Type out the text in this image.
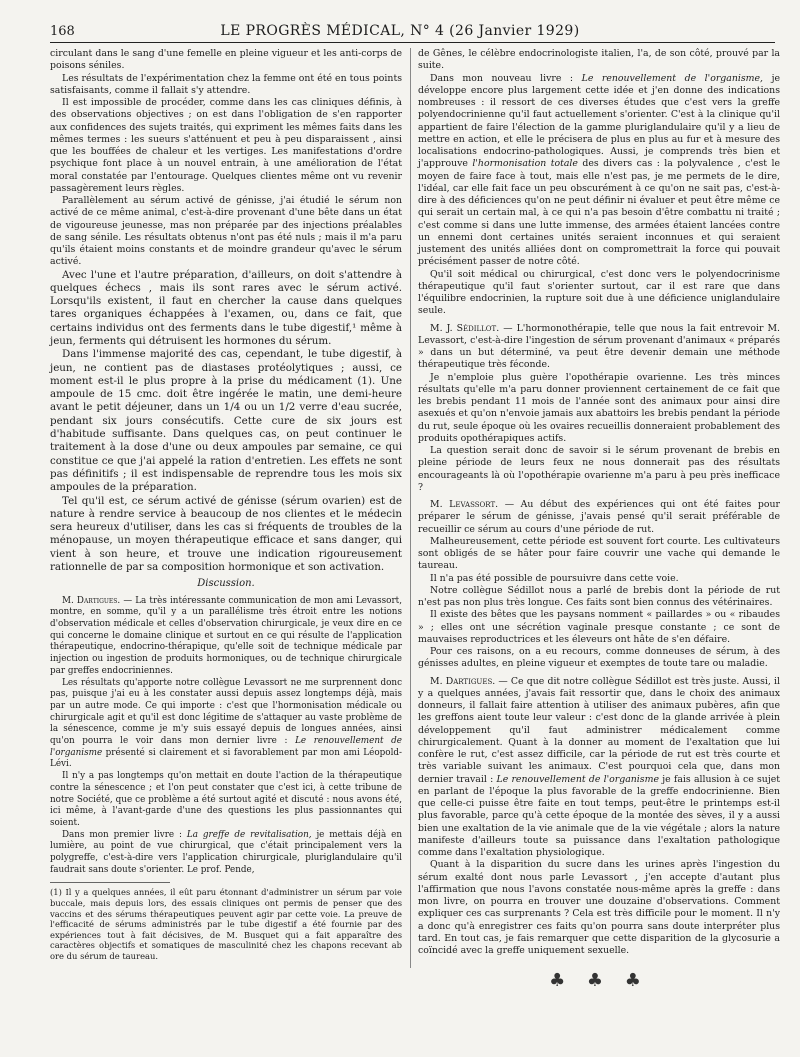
168	LE PROGRÈS MÉDICAL, N° 4 (26 Janvier 1929)

circulant dans le sang d'une femelle en pleine vigueur et les anti-corps de poisons séniles.

Les résultats de l'expérimentation chez la femme ont été en tous points satisfaisants, comme il fallait s'y attendre.

Il est impossible de procéder, comme dans les cas cliniques définis, à des observations objectives ; on est dans l'obligation de s'en rapporter aux confidences des sujets traités, qui expriment les mêmes faits dans les mêmes termes : les sueurs s'atténuent et peu à peu disparaissent , ainsi que les bouffées de chaleur et les vertiges. Les manifestations d'ordre psychique font place à un nouvel entrain, à une amélioration de l'état moral constatée par l'entourage. Quelques clientes même ont vu revenir passagèrement leurs règles.

Parallèlement au sérum activé de génisse, j'ai étudié le sérum non activé de ce même animal, c'est-à-dire provenant d'une bête dans un état de vigoureuse jeunesse, mas non préparée par des injections préalables de sang sénile. Les résultats obtenus n'ont pas été nuls ; mais il m'a paru qu'ils étaient moins constants et de moindre grandeur qu'avec le sérum activé.

Avec l'une et l'autre préparation, d'ailleurs, on doit s'attendre à quelques échecs , mais ils sont rares avec le sérum activé. Lorsqu'ils existent, il faut en chercher la cause dans quelques tares organiques échappées à l'examen, ou, dans ce fait, que certains individus ont des ferments dans le tube digestif,¹ même à jeun, ferments qui détruisent les hormones du sérum.

Dans l'immense majorité des cas, cependant, le tube digestif, à jeun, ne contient pas de diastases protéolytiques ; aussi, ce moment est-il le plus propre à la prise du médicament (1). Une ampoule de 15 cmc. doit être ingérée le matin, une demi-heure avant le petit déjeuner, dans un 1/4 ou un 1/2 verre d'eau sucrée, pendant six jours consécutifs. Cette cure de six jours est d'habitude suffisante. Dans quelques cas, on peut continuer le traitement à la dose d'une ou deux ampoules par semaine, ce qui constitue ce que j'ai appelé la ration d'entretien. Les effets ne sont pas définitifs ; il est indispensable de reprendre tous les mois six ampoules de la préparation.

Tel qu'il est, ce sérum activé de génisse (sérum ovarien) est de nature à rendre service à beaucoup de nos clientes et le médecin sera heureux d'utiliser, dans les cas si fréquents de troubles de la ménopause, un moyen thérapeutique efficace et sans danger, qui vient à son heure, et trouve une indication rigoureusement rationnelle de par sa composition hormonique et son activation.

Discussion.

M. Dartigues. — La très intéressante communication de mon ami Levassort, montre, en somme, qu'il y a un parallélisme très étroit entre les notions d'observation médicale et celles d'observation chirurgicale, je veux dire en ce qui concerne le domaine clinique et surtout en ce qui résulte de l'application thérapeutique, endocrino-thérapique, qu'elle soit de technique médicale par injection ou ingestion de produits hormoniques, ou de technique chirurgicale par greffes endocriniennes.

Les résultats qu'apporte notre collègue Levassort ne me surprennent donc pas, puisque j'ai eu à les constater aussi depuis assez longtemps déjà, mais par un autre mode. Ce qui importe : c'est que l'hormonisation médicale ou chirurgicale agit et qu'il est donc légitime de s'attaquer au vaste problème de la sénescence, comme je m'y suis essayé depuis de longues années, ainsi qu'on pourra le voir dans mon dernier livre : Le renouvellement de l'organisme présenté si clairement et si favorablement par mon ami Léopold-Lévi.

Il n'y a pas longtemps qu'on mettait en doute l'action de la thérapeutique contre la sénescence ; et l'on peut constater que c'est ici, à cette tribune de notre Société, que ce problème a été surtout agité et discuté : nous avons été, ici même, à l'avant-garde d'une des questions les plus passionnantes qui soient.

Dans mon premier livre : La greffe de revitalisation, je mettais déjà en lumière, au point de vue chirurgical, que c'était principalement vers la polygreffe, c'est-à-dire vers l'application chirurgicale, pluriglandulaire qu'il faudrait sans doute s'orienter. Le prof. Pende,

(1) Il y a quelques années, il eût paru étonnant d'administrer un sérum par voie buccale, mais depuis lors, des essais cliniques ont permis de penser que des vaccins et des sérums thérapeutiques peuvent agir par cette voie. La preuve de l'efficacité de sérums administrés par le tube digestif a été fournie par des expériences tout à fait décisives, de M. Busquet qui a fait apparaître des caractères objectifs et somatiques de masculinité chez les chapons recevant ab ore du sérum de taureau.

de Gênes, le célèbre endocrinologiste italien, l'a, de son côté, prouvé par la suite.

Dans mon nouveau livre : Le renouvellement de l'organisme, je développe encore plus largement cette idée et j'en donne des indications nombreuses : il ressort de ces diverses études que c'est vers la greffe polyendocrinienne qu'il faut actuellement s'orienter. C'est à la clinique qu'il appartient de faire l'élection de la gamme pluriglandulaire qu'il y a lieu de mettre en action, et elle le précisera de plus en plus au fur et à mesure des localisations endocrino-pathologiques. Aussi, je comprends très bien et j'approuve l'hormonisation totale des divers cas : la polyvalence , c'est le moyen de faire face à tout, mais elle n'est pas, je me permets de le dire, l'idéal, car elle fait face un peu obscurément à ce qu'on ne sait pas, c'est-à-dire à des déficiences qu'on ne peut définir ni évaluer et peut être même ce qui serait un certain mal, à ce qui n'a pas besoin d'être combattu ni traité ; c'est comme si dans une lutte immense, des armées étaient lancées contre un ennemi dont certaines unités seraient inconnues et qui seraient justement des unités alliées dont on compromettrait la force qui pouvait précisément passer de notre côté.

Qu'il soit médical ou chirurgical, c'est donc vers le polyendocrinisme thérapeutique qu'il faut s'orienter surtout, car il est rare que dans l'équilibre endocrinien, la rupture soit due à une déficience uniglandulaire seule.

M. J. Sédillot. — L'hormonothérapie, telle que nous la fait entrevoir M. Levassort, c'est-à-dire l'ingestion de sérum provenant d'animaux « préparés » dans un but déterminé, va peut être devenir demain une méthode thérapeutique très féconde.

Je n'emploie plus guère l'opothérapie ovarienne. Les très minces résultats qu'elle m'a paru donner proviennent certainement de ce fait que les brebis pendant 11 mois de l'année sont des animaux pour ainsi dire asexués et qu'on n'envoie jamais aux abattoirs les brebis pendant la période du rut, seule époque où les ovaires recueillis donneraient probablement des produits opothérapiques actifs.

La question serait donc de savoir si le sérum provenant de brebis en pleine période de leurs feux ne nous donnerait pas des résultats encourageants là où l'opothérapie ovarienne m'a paru à peu près inefficace ?

M. Levassort. — Au début des expériences qui ont été faites pour préparer le sérum de génisse, j'avais pensé qu'il serait préférable de recueillir ce sérum au cours d'une période de rut.

Malheureusement, cette période est souvent fort courte. Les cultivateurs sont obligés de se hâter pour faire couvrir une vache qui demande le taureau.

Il n'a pas été possible de poursuivre dans cette voie.

Notre collègue Sédillot nous a parlé de brebis dont la période de rut n'est pas non plus très longue. Ces faits sont bien connus des vétérinaires.

Il existe des bêtes que les paysans nomment « paillardes » ou « ribaudes » ; elles ont une sécrétion vaginale presque constante ; ce sont de mauvaises reproductrices et les éleveurs ont hâte de s'en défaire.

Pour ces raisons, on a eu recours, comme donneuses de sérum, à des génisses adultes, en pleine vigueur et exemptes de toute tare ou maladie.

M. Dartigues. — Ce que dit notre collègue Sédillot est très juste. Aussi, il y a quelques années, j'avais fait ressortir que, dans le choix des animaux donneurs, il fallait faire attention à utiliser des animaux pubères, afin que les greffons aient toute leur valeur : c'est donc de la glande arrivée à plein développement qu'il faut administrer médicalement comme chirurgicalement. Quant à la donner au moment de l'exaltation que lui confère le rut, c'est assez difficile, car la période de rut est très courte et très variable suivant les animaux. C'est pourquoi cela que, dans mon dernier travail : Le renouvellement de l'organisme je fais allusion à ce sujet en parlant de l'époque la plus favorable de la greffe endocrinienne. Bien que celle-ci puisse être faite en tout temps, peut-être le printemps est-il plus favorable, parce qu'à cette époque de la montée des sèves, il y a aussi bien une exaltation de la vie animale que de la vie végétale ; alors la nature manifeste d'ailleurs toute sa puissance dans l'exaltation pathologique comme dans l'exaltation physiologique.

Quant à la disparition du sucre dans les urines après l'ingestion du sérum exalté dont nous parle Levassort , j'en accepte d'autant plus l'affirmation que nous l'avons constatée nous-même après la greffe : dans mon livre, on pourra en trouver une douzaine d'observations. Comment expliquer ces cas surprenants ? Cela est très difficile pour le moment. Il n'y a donc qu'à enregistrer ces faits qu'on pourra sans doute interpréter plus tard. En tout cas, je fais remarquer que cette disparition de la glycosurie a coïncidé avec la greffe uniquement sexuelle.

♣ ♣ ♣
